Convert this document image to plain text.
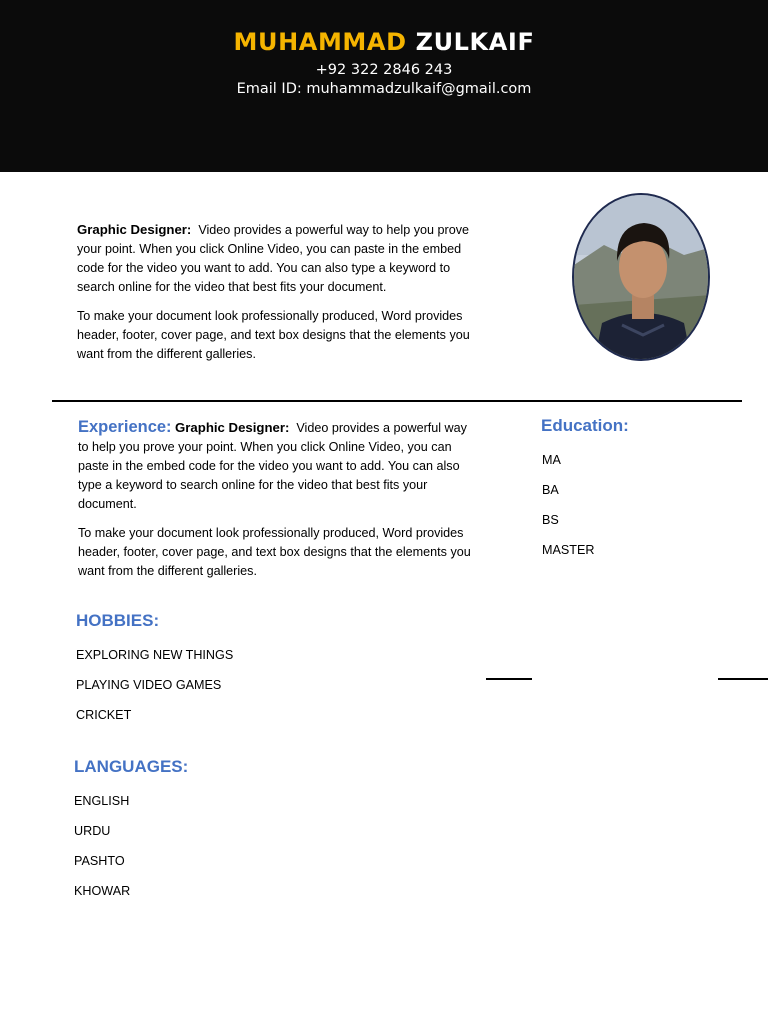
MUHAMMAD ZULKAIF
+92 322 2846 243
Email ID: muhammadzulkaif@gmail.com

Graphic Designer: Video provides a powerful way to help you prove your point. When you click Online Video, you can paste in the embed code for the video you want to add. You can also type a keyword to search online for the video that best fits your document.

To make your document look professionally produced, Word provides header, footer, cover page, and text box designs that the elements you want from the different galleries.

Experience: Graphic Designer: Video provides a powerful way to help you prove your point. When you click Online Video, you can paste in the embed code for the video you want to add. You can also type a keyword to search online for the video that best fits your document.

To make your document look professionally produced, Word provides header, footer, cover page, and text box designs that the elements you want from the different galleries.

Education:
MA
BA
BS
MASTER
HOBBIES:
EXPLORING NEW THINGS
PLAYING VIDEO GAMES
CRICKET
LANGUAGES:
ENGLISH
URDU
PASHTO
KHOWAR
